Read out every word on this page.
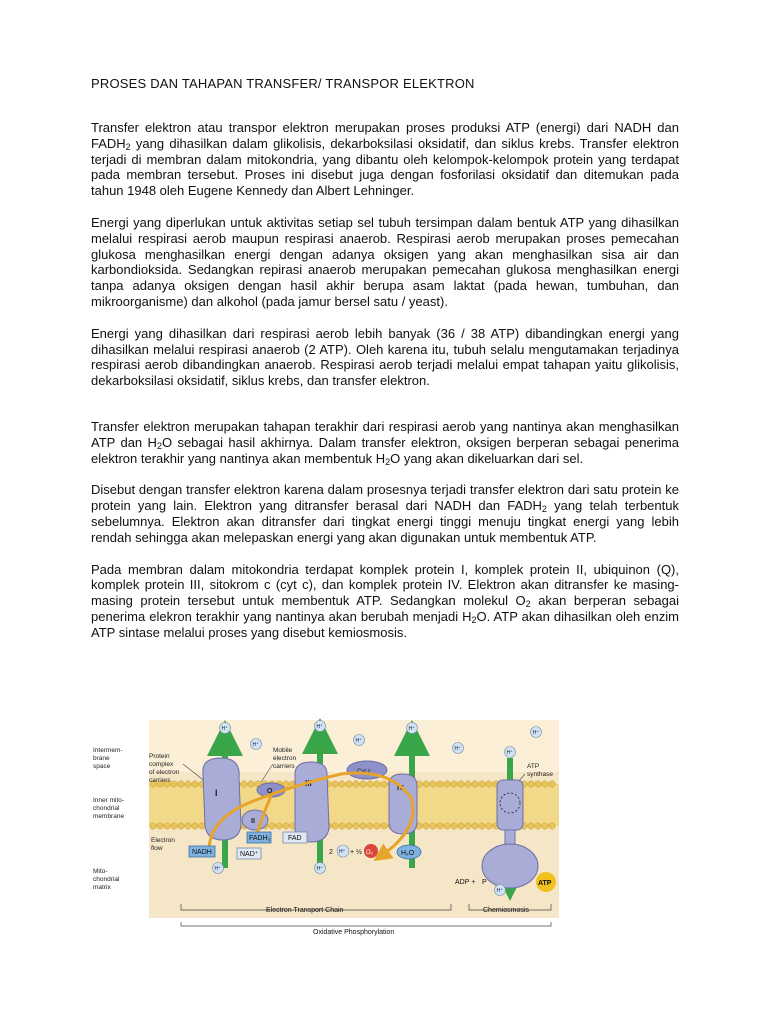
PROSES DAN TAHAPAN TRANSFER/ TRANSPOR ELEKTRON

Transfer elektron atau transpor elektron merupakan proses produksi ATP (energi) dari NADH dan $FADH_2$ yang dihasilkan dalam glikolisis, dekarboksilasi oksidatif, dan siklus krebs. Transfer elektron terjadi di membran dalam mitokondria, yang dibantu oleh kelompok-kelompok protein yang terdapat pada membran tersebut. Proses ini disebut juga dengan fosforilasi oksidatif dan ditemukan pada tahun 1948 oleh Eugene Kennedy dan Albert Lehninger.

Energi yang diperlukan untuk aktivitas setiap sel tubuh tersimpan dalam bentuk ATP yang dihasilkan melalui respirasi aerob maupun respirasi anaerob. Respirasi aerob merupakan proses pemecahan glukosa menghasilkan energi dengan adanya oksigen yang akan menghasilkan sisa air dan karbondioksida. Sedangkan repirasi anaerob merupakan pemecahan glukosa menghasilkan energi tanpa adanya oksigen dengan hasil akhir berupa asam laktat (pada hewan, tumbuhan, dan mikroorganisme) dan alkohol (pada jamur bersel satu / yeast).

Energi yang dihasilkan dari respirasi aerob lebih banyak (36 / 38 ATP) dibandingkan energi yang dihasilkan melalui respirasi anaerob (2 ATP). Oleh karena itu, tubuh selalu mengutamakan terjadinya respirasi aerob dibandingkan anaerob. Respirasi aerob terjadi melalui empat tahapan yaitu glikolisis, dekarboksilasi oksidatif, siklus krebs, dan transfer elektron.

Transfer elektron merupakan tahapan terakhir dari respirasi aerob yang nantinya akan menghasilkan ATP dan $H_2O$ sebagai hasil akhirnya. Dalam transfer elektron, oksigen berperan sebagai penerima elektron terakhir yang nantinya akan membentuk $H_2O$ yang akan dikeluarkan dari sel.

Disebut dengan transfer elektron karena dalam prosesnya terjadi transfer elektron dari satu protein ke protein yang lain. Elektron yang ditransfer berasal dari NADH dan $FADH_2$ yang telah terbentuk sebelumnya. Elektron akan ditransfer dari tingkat energi tinggi menuju tingkat energi yang lebih rendah sehingga akan melepaskan energi yang akan digunakan untuk membentuk ATP.

Pada membran dalam mitokondria terdapat komplek protein I, komplek protein II, ubiquinon (Q), komplek protein III, sitokrom c (cyt c), dan komplek protein IV. Elektron akan ditransfer ke masing-masing protein tersebut untuk membentuk ATP. Sedangkan molekul $O_2$ akan berperan sebagai penerima elekron terakhir yang nantinya akan berubah menjadi $H_2O$. ATP akan dihasilkan oleh enzim ATP sintase melalui proses yang disebut kemiosmosis.

Intermem-
brane
space
Inner mito-
chondrial
membrane
Mito-
chondrial
matrix
Protein
complex
of electron
carriers
Mobile
electron
carriers	ATP
synthase
Electron
flow
I
II
Q
III
Cyt c
IV
H⁺
H⁺
H⁺
H⁺
H⁺
H⁺
H⁺
H⁺
H⁺
H⁺
H⁺
NADH	NAD⁺
FADH₂	FAD
2 H⁺ + ½ O₂	H₂O
ADP + P	ATP
Electron Transport Chain	Chemiosmosis
Oxidative Phosphorylation
